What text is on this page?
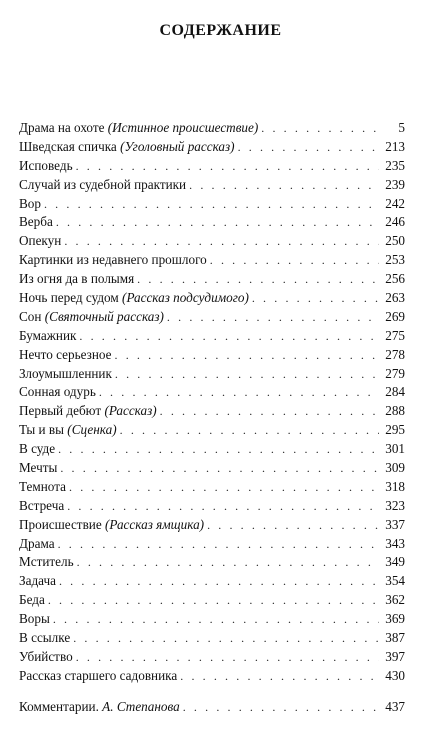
СОДЕРЖАНИЕ
Драма на охоте (Истинное происшествие) . . .	5
Шведская спичка (Уголовный рассказ) . . .	213
Исповедь . . .	235
Случай из судебной практики . . .	239
Вор . . .	242
Верба . . .	246
Опекун . . .	250
Картинки из недавнего прошлого . . .	253
Из огня да в полымя . . .	256
Ночь перед судом (Рассказ подсудимого) . . .	263
Сон (Святочный рассказ) . . .	269
Бумажник . . .	275
Нечто серьезное . . .	278
Злоумышленник . . .	279
Сонная одурь . . .	284
Первый дебют (Рассказ) . . .	288
Ты и вы (Сценка) . . .	295
В суде . . .	301
Мечты . . .	309
Темнота . . .	318
Встреча . . .	323
Происшествие (Рассказ ямщика) . . .	337
Драма . . .	343
Мститель . . .	349
Задача . . .	354
Беда . . .	362
Воры . . .	369
В ссылке . . .	387
Убийство . . .	397
Рассказ старшего садовника . . .	430
Комментарии. А. Степанова . . .	437
